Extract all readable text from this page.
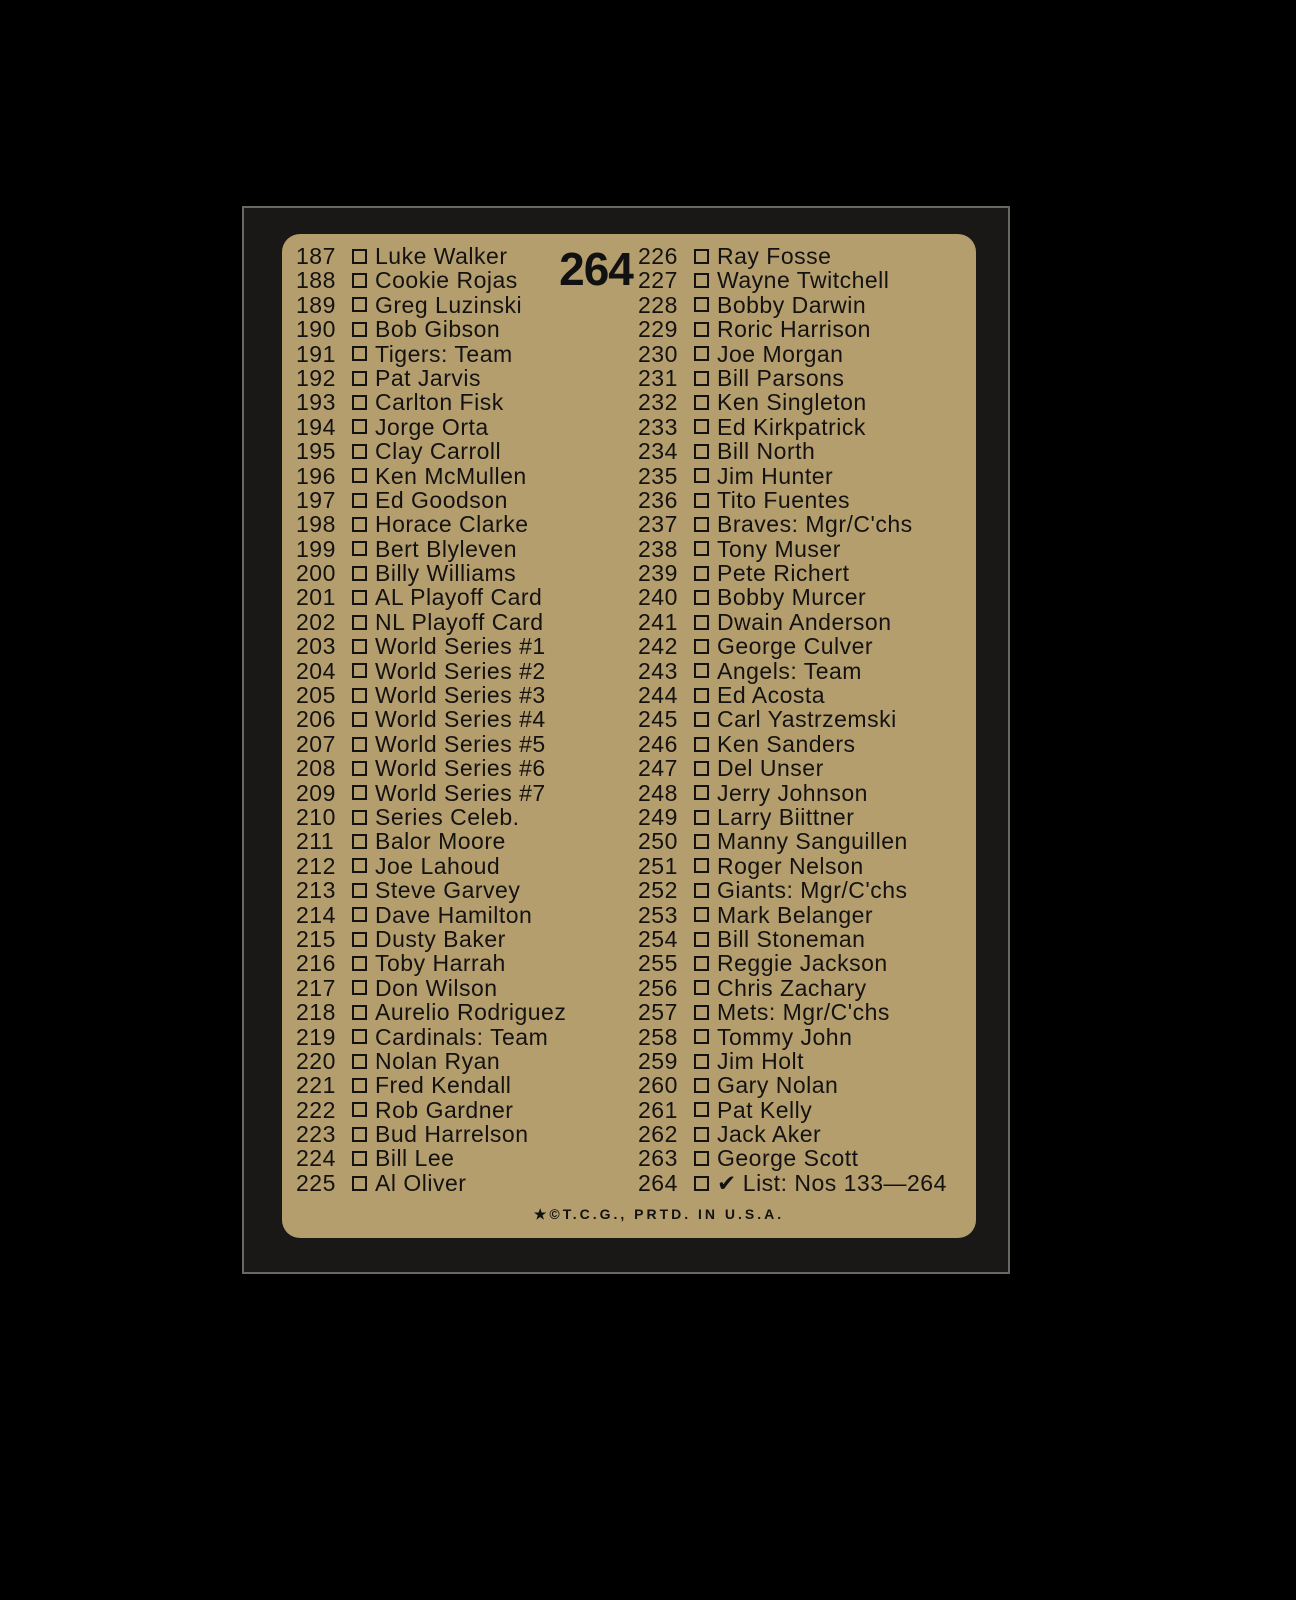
264
187	Luke Walker
188	Cookie Rojas
189	Greg Luzinski
190	Bob Gibson
191	Tigers: Team
192	Pat Jarvis
193	Carlton Fisk
194	Jorge Orta
195	Clay Carroll
196	Ken McMullen
197	Ed Goodson
198	Horace Clarke
199	Bert Blyleven
200	Billy Williams
201	AL Playoff Card
202	NL Playoff Card
203	World Series #1
204	World Series #2
205	World Series #3
206	World Series #4
207	World Series #5
208	World Series #6
209	World Series #7
210	Series Celeb.
211	Balor Moore
212	Joe Lahoud
213	Steve Garvey
214	Dave Hamilton
215	Dusty Baker
216	Toby Harrah
217	Don Wilson
218	Aurelio Rodriguez
219	Cardinals: Team
220	Nolan Ryan
221	Fred Kendall
222	Rob Gardner
223	Bud Harrelson
224	Bill Lee
225	Al Oliver
226	Ray Fosse
227	Wayne Twitchell
228	Bobby Darwin
229	Roric Harrison
230	Joe Morgan
231	Bill Parsons
232	Ken Singleton
233	Ed Kirkpatrick
234	Bill North
235	Jim Hunter
236	Tito Fuentes
237	Braves: Mgr/C'chs
238	Tony Muser
239	Pete Richert
240	Bobby Murcer
241	Dwain Anderson
242	George Culver
243	Angels: Team
244	Ed Acosta
245	Carl Yastrzemski
246	Ken Sanders
247	Del Unser
248	Jerry Johnson
249	Larry Biittner
250	Manny Sanguillen
251	Roger Nelson
252	Giants: Mgr/C'chs
253	Mark Belanger
254	Bill Stoneman
255	Reggie Jackson
256	Chris Zachary
257	Mets: Mgr/C'chs
258	Tommy John
259	Jim Holt
260	Gary Nolan
261	Pat Kelly
262	Jack Aker
263	George Scott
264	✔ List: Nos 133—264
★©T.C.G., PRTD. IN U.S.A.
